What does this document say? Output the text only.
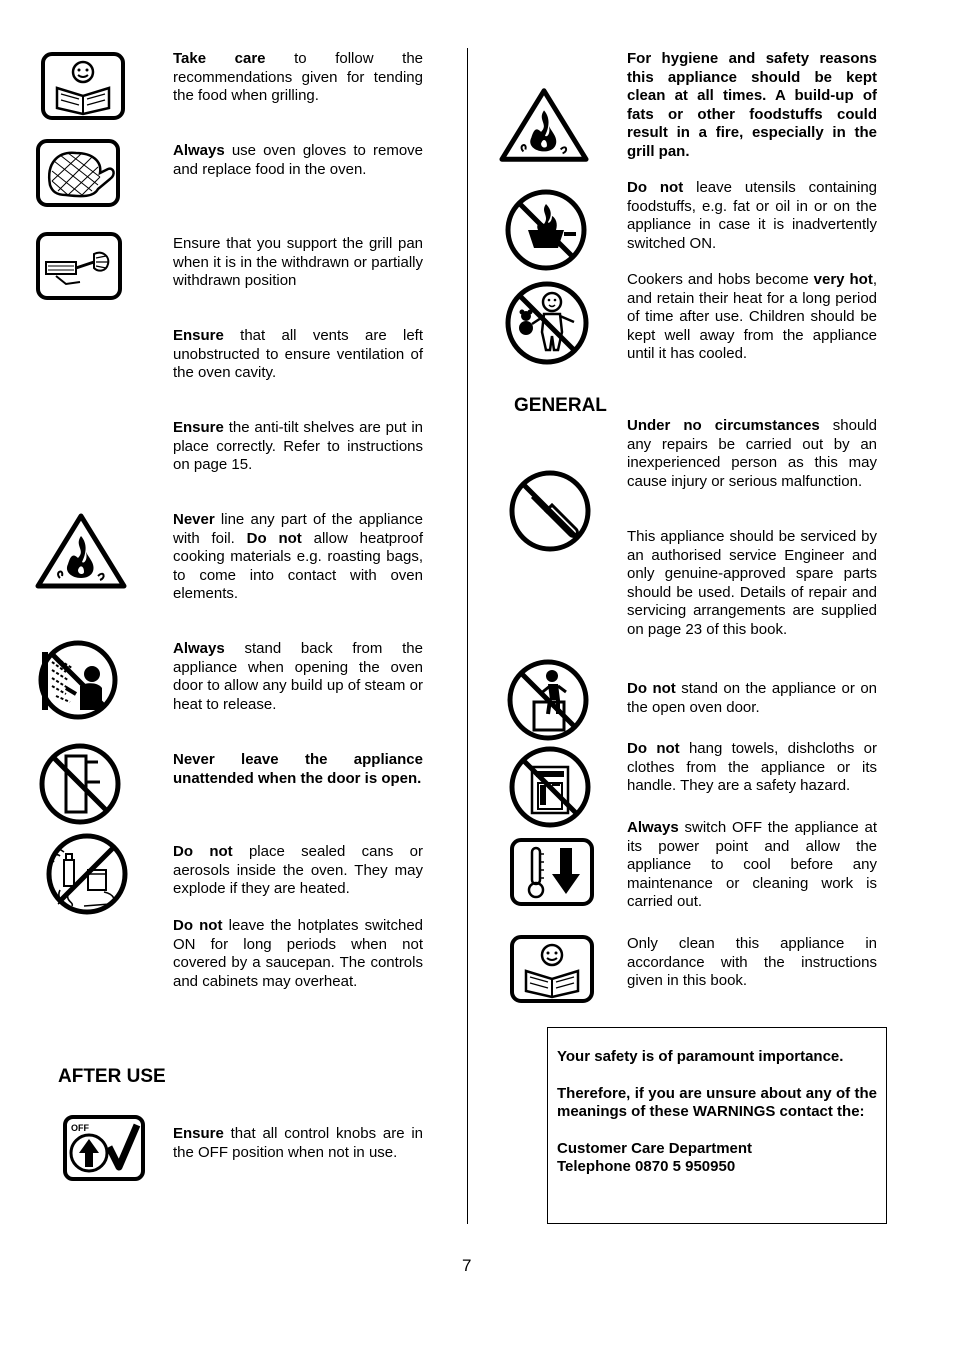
Take care to follow the recommendations given for tending the food when grilling.
Always use oven gloves to remove and replace food in the oven.
Ensure that you support the grill pan when it is in the withdrawn or partially withdrawn position
Ensure that all vents are left unobstructed to ensure ventilation of the oven cavity.
Ensure the anti-tilt shelves are put in place correctly. Refer to instructions on page 15.
Never line any part of the appliance with foil. Do not allow heatproof cooking materials e.g. roasting bags, to come into contact with oven elements.
Always stand back from the appliance when opening the oven door to allow any build up of steam or heat to release.
Never leave the appliance unattended when the door is open.
Do not place sealed cans or aerosols inside the oven. They may explode if they are heated.
Do not leave the hotplates switched ON for long periods when not covered by a saucepan. The controls and cabinets may overheat.
AFTER USE
OFF	Ensure that all control knobs are in the OFF position when not in use.
For hygiene and safety reasons this appliance should be kept clean at all times. A build-up of fats or other foodstuffs could result in a fire, especially in the grill pan.
Do not leave utensils containing foodstuffs, e.g. fat or oil in or on the appliance in case it is inadvertently switched ON.
Cookers and hobs become very hot, and retain their heat for a long period of time after use. Children should be kept well away from the appliance until it has cooled.
GENERAL
Under no circumstances should any repairs be carried out by an inexperienced person as this may cause injury or serious malfunction.
This appliance should be serviced by an authorised service Engineer and only genuine-approved spare parts should be used. Details of repair and servicing arrangements are supplied on page 23 of this book.
Do not stand on the appliance or on the open oven door.
Do not hang towels, dishcloths or clothes from the appliance or its handle. They are a safety hazard.
Always switch OFF the appliance at its power point and allow the appliance to cool before any maintenance or cleaning work is carried out.
Only clean this appliance in accordance with the instructions given in this book.

Your safety is of paramount importance.

Therefore, if you are unsure about any of the meanings of these WARNINGS contact the:

Customer Care Department

Telephone 0870 5 950950

7
